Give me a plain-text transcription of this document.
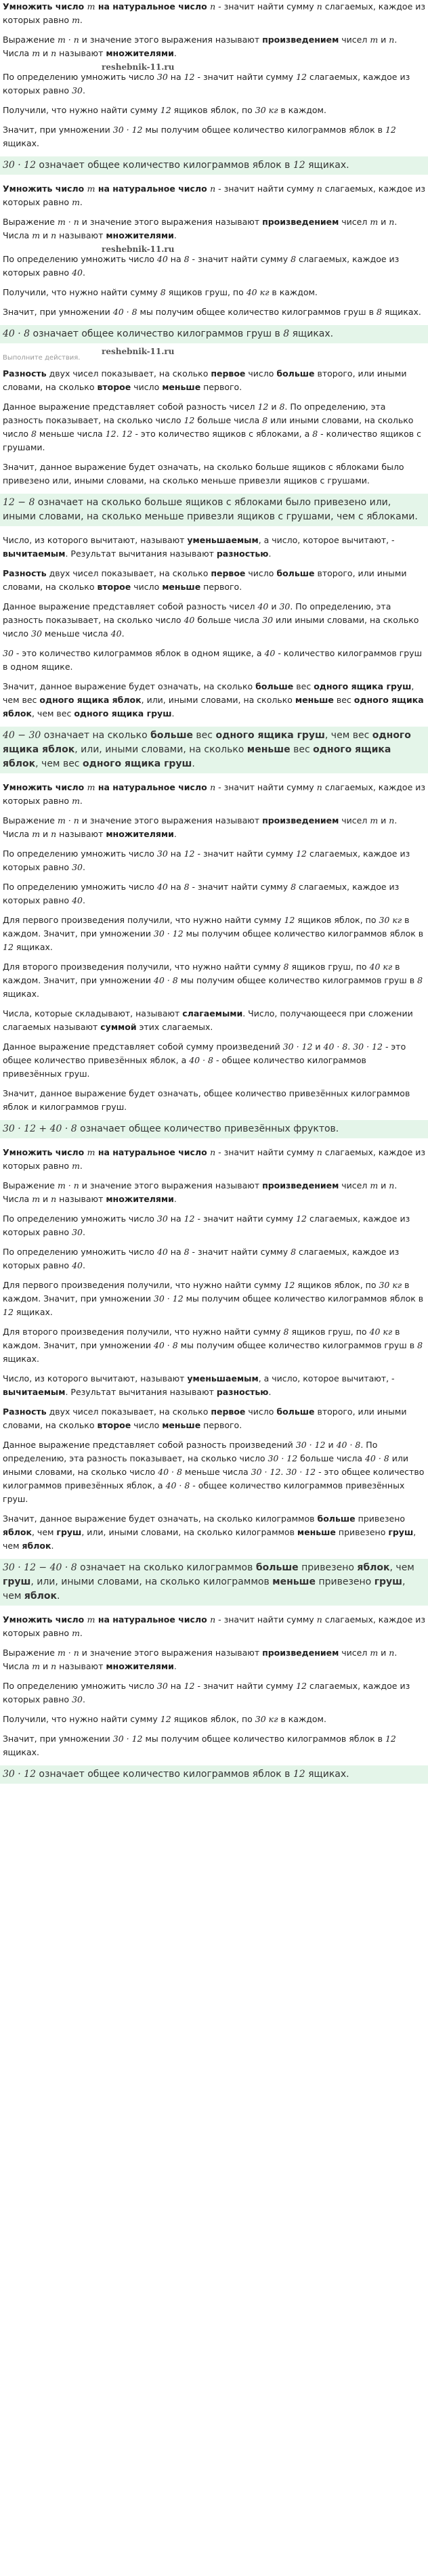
Умножить число m на натуральное число n - значит найти сумму n слагаемых, каждое из которых равно m.
Выражение m · n и значение этого выражения называют произведением чисел m и n. Числа m и n называют множителями.
reshebnik-11.ru
По определению умножить число 30 на 12 - значит найти сумму 12 слагаемых, каждое из которых равно 30.
Получили, что нужно найти сумму 12 ящиков яблок, по 30 кг в каждом.
Значит, при умножении 30 · 12 мы получим общее количество килограммов яблок в 12 ящиках.
30 · 12 означает общее количество килограммов яблок в 12 ящиках.
Умножить число m на натуральное число n - значит найти сумму n слагаемых, каждое из которых равно m.
Выражение m · n и значение этого выражения называют произведением чисел m и n. Числа m и n называют множителями.
reshebnik-11.ru
По определению умножить число 40 на 8 - значит найти сумму 8 слагаемых, каждое из которых равно 40.
Получили, что нужно найти сумму 8 ящиков груш, по 40 кг в каждом.
Значит, при умножении 40 · 8 мы получим общее количество килограммов груш в 8 ящиках.
40 · 8 означает общее количество килограммов груш в 8 ящиках.
reshebnik-11.ru
Выполните действия.
Разность двух чисел показывает, на сколько первое число больше второго, или иными словами, на сколько второе число меньше первого.
Данное выражение представляет собой разность чисел 12 и 8. По определению, эта разность показывает, на сколько число 12 больше числа 8 или иными словами, на сколько число 8 меньше числа 12. 12 - это количество ящиков с яблоками, а 8 - количество ящиков с грушами.
Значит, данное выражение будет означать, на сколько больше ящиков с яблоками было привезено или, иными словами, на сколько меньше привезли ящиков с грушами.
12 − 8 означает на сколько больше ящиков с яблоками было привезено или, иными словами, на сколько меньше привезли ящиков с грушами, чем с яблоками.
Число, из которого вычитают, называют уменьшаемым, а число, которое вычитают, - вычитаемым. Результат вычитания называют разностью.
Разность двух чисел показывает, на сколько первое число больше второго, или иными словами, на сколько второе число меньше первого.
Данное выражение представляет собой разность чисел 40 и 30. По определению, эта разность показывает, на сколько число 40 больше числа 30 или иными словами, на сколько число 30 меньше числа 40.
30 - это количество килограммов яблок в одном ящике, а 40 - количество килограммов груш в одном ящике.
Значит, данное выражение будет означать, на сколько больше вес одного ящика груш, чем вес одного ящика яблок, или, иными словами, на сколько меньше вес одного ящика яблок, чем вес одного ящика груш.
40 − 30 означает на сколько больше вес одного ящика груш, чем вес одного ящика яблок, или, иными словами, на сколько меньше вес одного ящика яблок, чем вес одного ящика груш.
Умножить число m на натуральное число n - значит найти сумму n слагаемых, каждое из которых равно m.
Выражение m · n и значение этого выражения называют произведением чисел m и n. Числа m и n называют множителями.
По определению умножить число 30 на 12 - значит найти сумму 12 слагаемых, каждое из которых равно 30.
По определению умножить число 40 на 8 - значит найти сумму 8 слагаемых, каждое из которых равно 40.
Для первого произведения получили, что нужно найти сумму 12 ящиков яблок, по 30 кг в каждом. Значит, при умножении 30 · 12 мы получим общее количество килограммов яблок в 12 ящиках.
Для второго произведения получили, что нужно найти сумму 8 ящиков груш, по 40 кг в каждом. Значит, при умножении 40 · 8 мы получим общее количество килограммов груш в 8 ящиках.
Числа, которые складывают, называют слагаемыми. Число, получающееся при сложении слагаемых называют суммой этих слагаемых.
Данное выражение представляет собой сумму произведений 30 · 12 и 40 · 8. 30 · 12 - это общее количество привезённых яблок, а 40 · 8 - общее количество килограммов привезённых груш.
Значит, данное выражение будет означать, общее количество привезённых килограммов яблок и килограммов груш.
30 · 12 + 40 · 8 означает общее количество привезённых фруктов.
Умножить число m на натуральное число n - значит найти сумму n слагаемых, каждое из которых равно m.
Выражение m · n и значение этого выражения называют произведением чисел m и n. Числа m и n называют множителями.
По определению умножить число 30 на 12 - значит найти сумму 12 слагаемых, каждое из которых равно 30.
По определению умножить число 40 на 8 - значит найти сумму 8 слагаемых, каждое из которых равно 40.
Для первого произведения получили, что нужно найти сумму 12 ящиков яблок, по 30 кг в каждом. Значит, при умножении 30 · 12 мы получим общее количество килограммов яблок в 12 ящиках.
Для второго произведения получили, что нужно найти сумму 8 ящиков груш, по 40 кг в каждом. Значит, при умножении 40 · 8 мы получим общее количество килограммов груш в 8 ящиках.
Число, из которого вычитают, называют уменьшаемым, а число, которое вычитают, - вычитаемым. Результат вычитания называют разностью.
Разность двух чисел показывает, на сколько первое число больше второго, или иными словами, на сколько второе число меньше первого.
Данное выражение представляет собой разность произведений 30 · 12 и 40 · 8. По определению, эта разность показывает, на сколько число 30 · 12 больше числа 40 · 8 или иными словами, на сколько число 40 · 8 меньше числа 30 · 12. 30 · 12 - это общее количество килограммов привезённых яблок, а 40 · 8 - общее количество килограммов привезённых груш.
Значит, данное выражение будет означать, на сколько килограммов больше привезено яблок, чем груш, или, иными словами, на сколько килограммов меньше привезено груш, чем яблок.
30 · 12 − 40 · 8 означает на сколько килограммов больше привезено яблок, чем груш, или, иными словами, на сколько килограммов меньше привезено груш, чем яблок.
Умножить число m на натуральное число n - значит найти сумму n слагаемых, каждое из которых равно m.
Выражение m · n и значение этого выражения называют произведением чисел m и n. Числа m и n называют множителями.
По определению умножить число 30 на 12 - значит найти сумму 12 слагаемых, каждое из которых равно 30.
Получили, что нужно найти сумму 12 ящиков яблок, по 30 кг в каждом.
Значит, при умножении 30 · 12 мы получим общее количество килограммов яблок в 12 ящиках.
30 · 12 означает общее количество килограммов яблок в 12 ящиках.
